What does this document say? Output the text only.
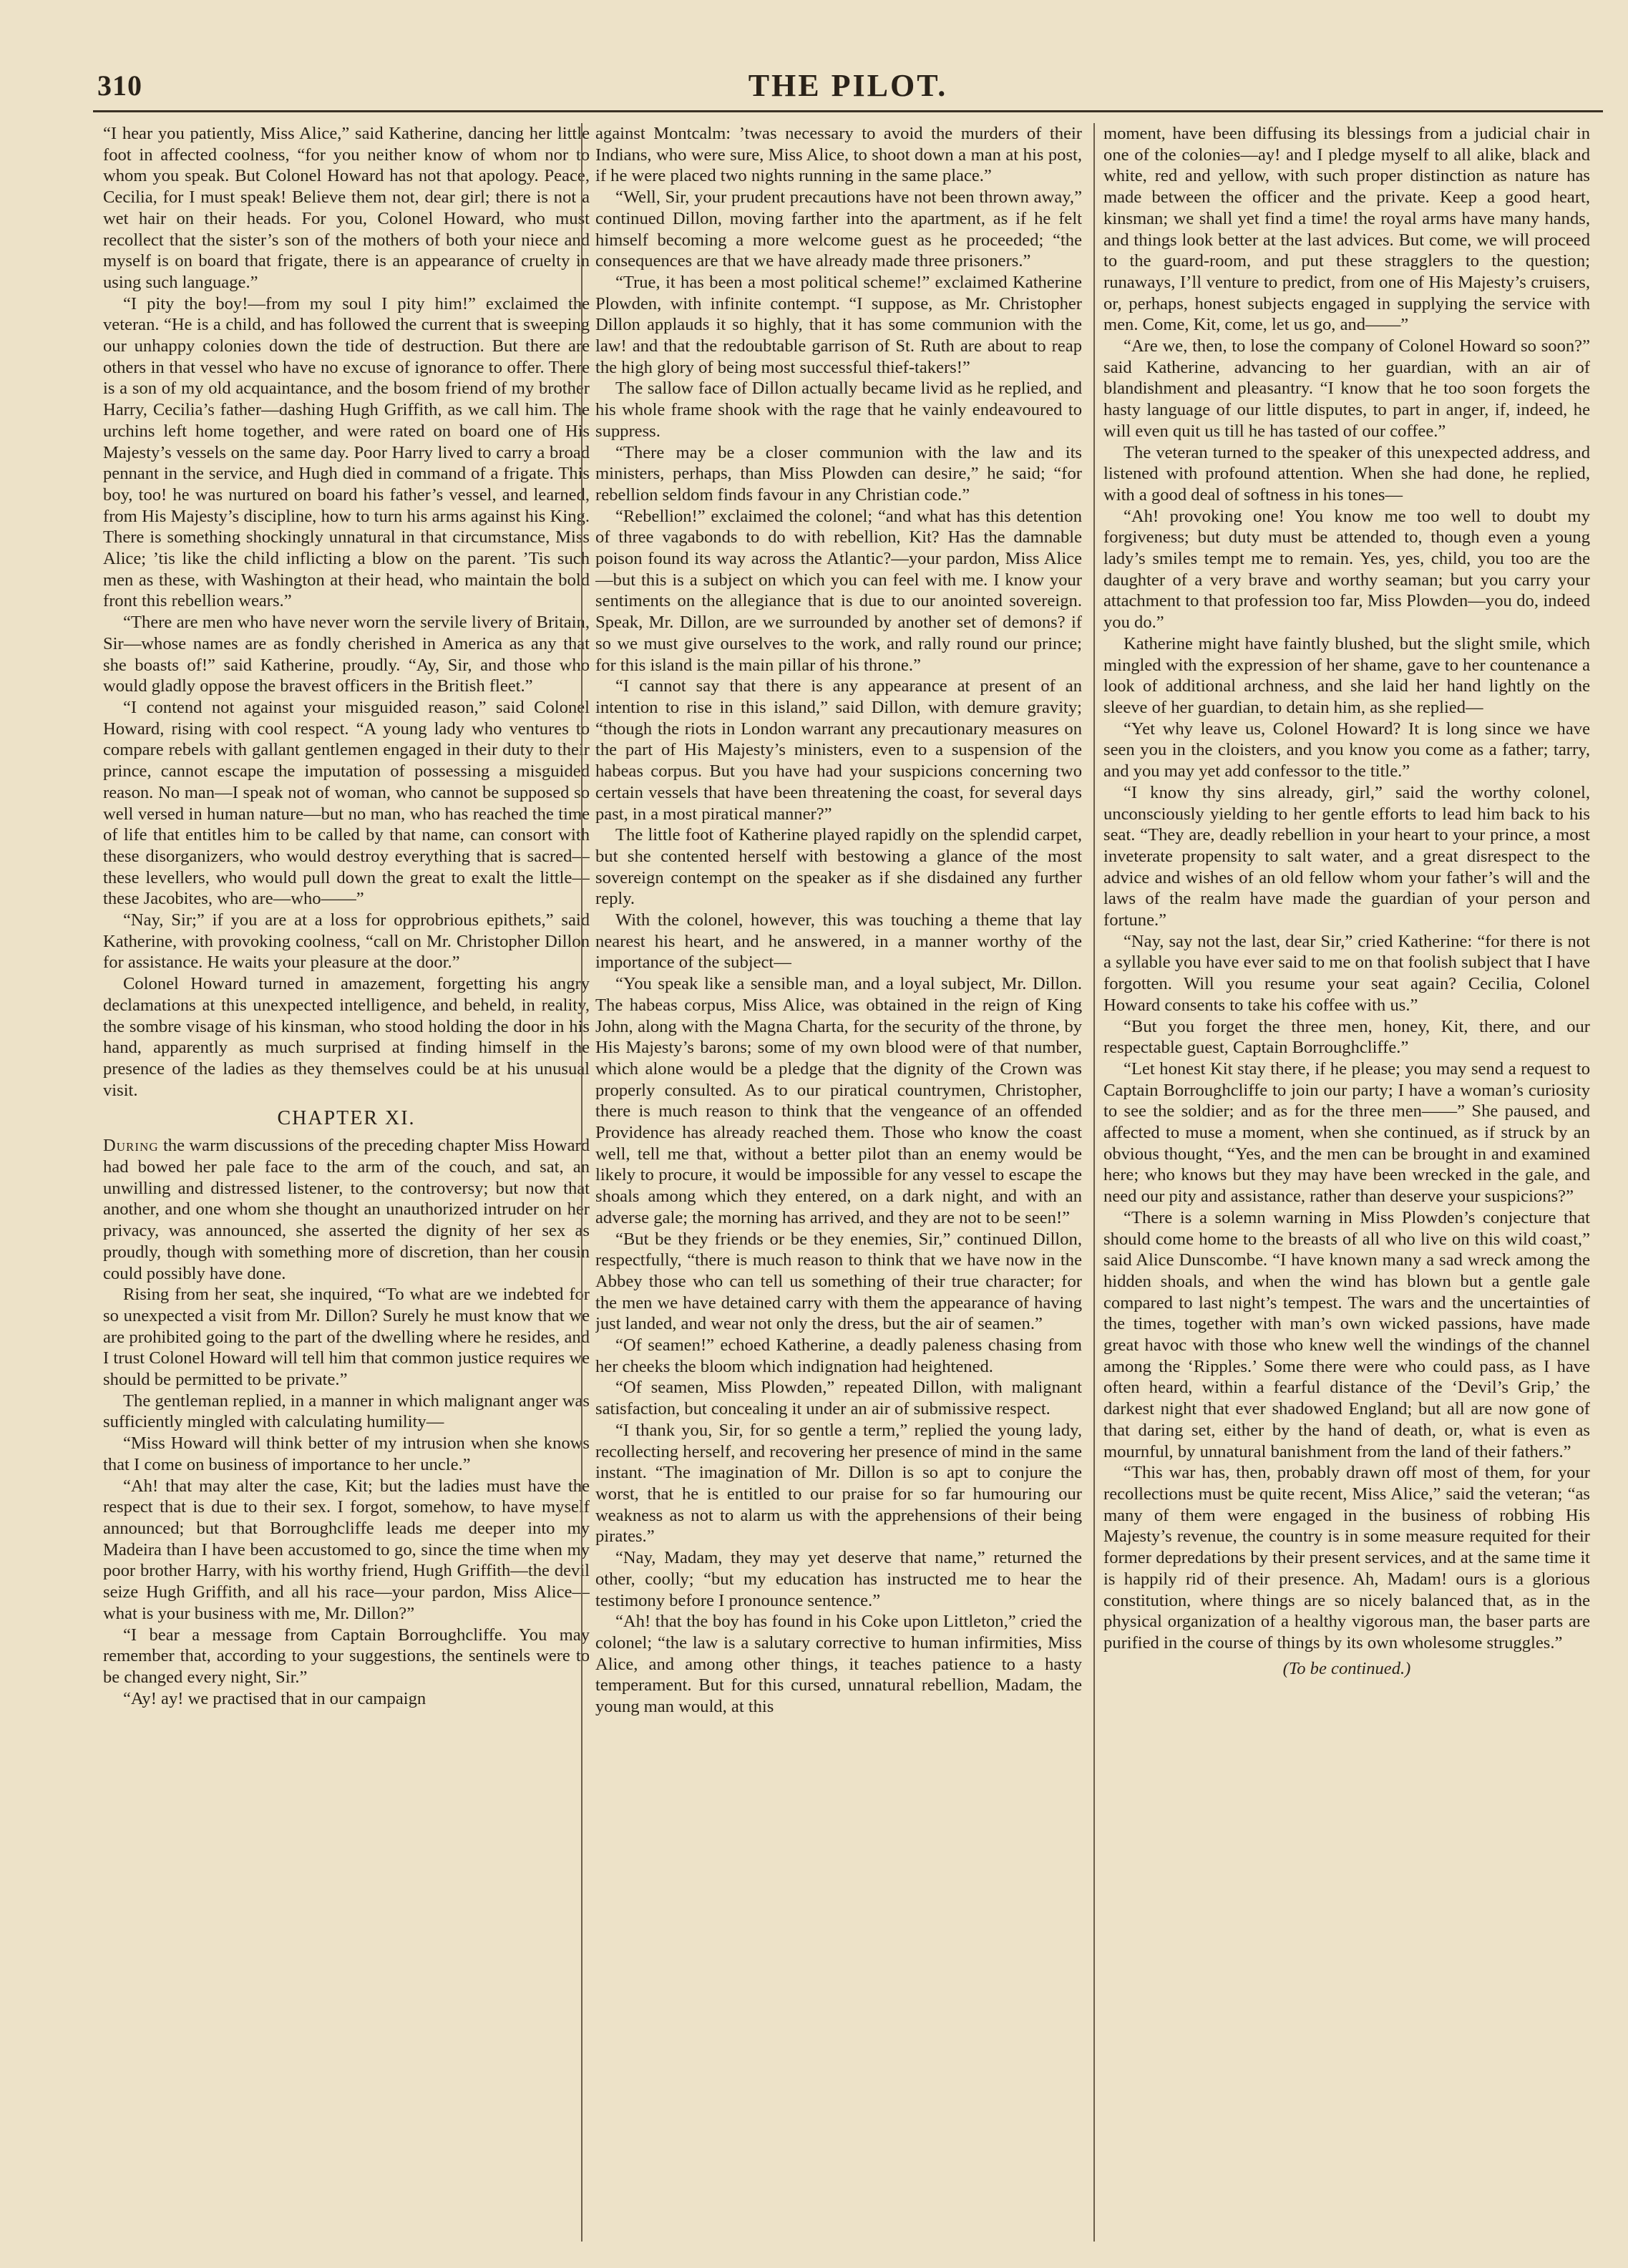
310	THE PILOT.

“I hear you patiently, Miss Alice,” said Katherine, dancing her little foot in affected coolness, “for you neither know of whom nor to whom you speak. But Colonel Howard has not that apology. Peace, Cecilia, for I must speak! Believe them not, dear girl; there is not a wet hair on their heads. For you, Colonel Howard, who must recollect that the sister’s son of the mothers of both your niece and myself is on board that frigate, there is an appearance of cruelty in using such language.”

“I pity the boy!—from my soul I pity him!” exclaimed the veteran. “He is a child, and has followed the current that is sweeping our unhappy colonies down the tide of destruction. But there are others in that vessel who have no excuse of ignorance to offer. There is a son of my old acquaintance, and the bosom friend of my brother Harry, Cecilia’s father—dashing Hugh Griffith, as we call him. The urchins left home together, and were rated on board one of His Majesty’s vessels on the same day. Poor Harry lived to carry a broad pennant in the service, and Hugh died in command of a frigate. This boy, too! he was nurtured on board his father’s vessel, and learned, from His Majesty’s discipline, how to turn his arms against his King. There is something shockingly unnatural in that circumstance, Miss Alice; ’tis like the child inflicting a blow on the parent. ’Tis such men as these, with Washington at their head, who maintain the bold front this rebellion wears.”

“There are men who have never worn the servile livery of Britain, Sir—whose names are as fondly cherished in America as any that she boasts of!” said Katherine, proudly. “Ay, Sir, and those who would gladly oppose the bravest officers in the British fleet.”

“I contend not against your misguided reason,” said Colonel Howard, rising with cool respect. “A young lady who ventures to compare rebels with gallant gentlemen engaged in their duty to their prince, cannot escape the imputation of possessing a misguided reason. No man—I speak not of woman, who cannot be supposed so well versed in human nature—but no man, who has reached the time of life that entitles him to be called by that name, can consort with these disorganizers, who would destroy everything that is sacred—these levellers, who would pull down the great to exalt the little—these Jacobites, who are—who——”

“Nay, Sir;” if you are at a loss for opprobrious epithets,” said Katherine, with provoking coolness, “call on Mr. Christopher Dillon for assistance. He waits your pleasure at the door.”

Colonel Howard turned in amazement, forgetting his angry declamations at this unexpected intelligence, and beheld, in reality, the sombre visage of his kinsman, who stood holding the door in his hand, apparently as much surprised at finding himself in the presence of the ladies as they themselves could be at his unusual visit.

CHAPTER XI.

During the warm discussions of the preceding chapter Miss Howard had bowed her pale face to the arm of the couch, and sat, an unwilling and distressed listener, to the controversy; but now that another, and one whom she thought an unauthorized intruder on her privacy, was announced, she asserted the dignity of her sex as proudly, though with something more of discretion, than her cousin could possibly have done.

Rising from her seat, she inquired, “To what are we indebted for so unexpected a visit from Mr. Dillon? Surely he must know that we are prohibited going to the part of the dwelling where he resides, and I trust Colonel Howard will tell him that common justice requires we should be permitted to be private.”

The gentleman replied, in a manner in which malignant anger was sufficiently mingled with calculating humility—

“Miss Howard will think better of my intrusion when she knows that I come on business of importance to her uncle.”

“Ah! that may alter the case, Kit; but the ladies must have the respect that is due to their sex. I forgot, somehow, to have myself announced; but that Borroughcliffe leads me deeper into my Madeira than I have been accustomed to go, since the time when my poor brother Harry, with his worthy friend, Hugh Griffith—the devil seize Hugh Griffith, and all his race—your pardon, Miss Alice—what is your business with me, Mr. Dillon?”

“I bear a message from Captain Borroughcliffe. You may remember that, according to your suggestions, the sentinels were to be changed every night, Sir.”

“Ay! ay! we practised that in our campaign

against Montcalm: ’twas necessary to avoid the murders of their Indians, who were sure, Miss Alice, to shoot down a man at his post, if he were placed two nights running in the same place.”

“Well, Sir, your prudent precautions have not been thrown away,” continued Dillon, moving farther into the apartment, as if he felt himself becoming a more welcome guest as he proceeded; “the consequences are that we have already made three prisoners.”

“True, it has been a most political scheme!” exclaimed Katherine Plowden, with infinite contempt. “I suppose, as Mr. Christopher Dillon applauds it so highly, that it has some communion with the law! and that the redoubtable garrison of St. Ruth are about to reap the high glory of being most successful thief-takers!”

The sallow face of Dillon actually became livid as he replied, and his whole frame shook with the rage that he vainly endeavoured to suppress.

“There may be a closer communion with the law and its ministers, perhaps, than Miss Plowden can desire,” he said; “for rebellion seldom finds favour in any Christian code.”

“Rebellion!” exclaimed the colonel; “and what has this detention of three vagabonds to do with rebellion, Kit? Has the damnable poison found its way across the Atlantic?—your pardon, Miss Alice—but this is a subject on which you can feel with me. I know your sentiments on the allegiance that is due to our anointed sovereign. Speak, Mr. Dillon, are we surrounded by another set of demons? if so we must give ourselves to the work, and rally round our prince; for this island is the main pillar of his throne.”

“I cannot say that there is any appearance at present of an intention to rise in this island,” said Dillon, with demure gravity; “though the riots in London warrant any precautionary measures on the part of His Majesty’s ministers, even to a suspension of the habeas corpus. But you have had your suspicions concerning two certain vessels that have been threatening the coast, for several days past, in a most piratical manner?”

The little foot of Katherine played rapidly on the splendid carpet, but she contented herself with bestowing a glance of the most sovereign contempt on the speaker as if she disdained any further reply.

With the colonel, however, this was touching a theme that lay nearest his heart, and he answered, in a manner worthy of the importance of the subject—

“You speak like a sensible man, and a loyal subject, Mr. Dillon. The habeas corpus, Miss Alice, was obtained in the reign of King John, along with the Magna Charta, for the security of the throne, by His Majesty’s barons; some of my own blood were of that number, which alone would be a pledge that the dignity of the Crown was properly consulted. As to our piratical countrymen, Christopher, there is much reason to think that the vengeance of an offended Providence has already reached them. Those who know the coast well, tell me that, without a better pilot than an enemy would be likely to procure, it would be impossible for any vessel to escape the shoals among which they entered, on a dark night, and with an adverse gale; the morning has arrived, and they are not to be seen!”

“But be they friends or be they enemies, Sir,” continued Dillon, respectfully, “there is much reason to think that we have now in the Abbey those who can tell us something of their true character; for the men we have detained carry with them the appearance of having just landed, and wear not only the dress, but the air of seamen.”

“Of seamen!” echoed Katherine, a deadly paleness chasing from her cheeks the bloom which indignation had heightened.

“Of seamen, Miss Plowden,” repeated Dillon, with malignant satisfaction, but concealing it under an air of submissive respect.

“I thank you, Sir, for so gentle a term,” replied the young lady, recollecting herself, and recovering her presence of mind in the same instant. “The imagination of Mr. Dillon is so apt to conjure the worst, that he is entitled to our praise for so far humouring our weakness as not to alarm us with the apprehensions of their being pirates.”

“Nay, Madam, they may yet deserve that name,” returned the other, coolly; “but my education has instructed me to hear the testimony before I pronounce sentence.”

“Ah! that the boy has found in his Coke upon Littleton,” cried the colonel; “the law is a salutary corrective to human infirmities, Miss Alice, and among other things, it teaches patience to a hasty temperament. But for this cursed, unnatural rebellion, Madam, the young man would, at this

moment, have been diffusing its blessings from a judicial chair in one of the colonies—ay! and I pledge myself to all alike, black and white, red and yellow, with such proper distinction as nature has made between the officer and the private. Keep a good heart, kinsman; we shall yet find a time! the royal arms have many hands, and things look better at the last advices. But come, we will proceed to the guard-room, and put these stragglers to the question; runaways, I’ll venture to predict, from one of His Majesty’s cruisers, or, perhaps, honest subjects engaged in supplying the service with men. Come, Kit, come, let us go, and——”

“Are we, then, to lose the company of Colonel Howard so soon?” said Katherine, advancing to her guardian, with an air of blandishment and pleasantry. “I know that he too soon forgets the hasty language of our little disputes, to part in anger, if, indeed, he will even quit us till he has tasted of our coffee.”

The veteran turned to the speaker of this unexpected address, and listened with profound attention. When she had done, he replied, with a good deal of softness in his tones—

“Ah! provoking one! You know me too well to doubt my forgiveness; but duty must be attended to, though even a young lady’s smiles tempt me to remain. Yes, yes, child, you too are the daughter of a very brave and worthy seaman; but you carry your attachment to that profession too far, Miss Plowden—you do, indeed you do.”

Katherine might have faintly blushed, but the slight smile, which mingled with the expression of her shame, gave to her countenance a look of additional archness, and she laid her hand lightly on the sleeve of her guardian, to detain him, as she replied—

“Yet why leave us, Colonel Howard? It is long since we have seen you in the cloisters, and you know you come as a father; tarry, and you may yet add confessor to the title.”

“I know thy sins already, girl,” said the worthy colonel, unconsciously yielding to her gentle efforts to lead him back to his seat. “They are, deadly rebellion in your heart to your prince, a most inveterate propensity to salt water, and a great disrespect to the advice and wishes of an old fellow whom your father’s will and the laws of the realm have made the guardian of your person and fortune.”

“Nay, say not the last, dear Sir,” cried Katherine: “for there is not a syllable you have ever said to me on that foolish subject that I have forgotten. Will you resume your seat again? Cecilia, Colonel Howard consents to take his coffee with us.”

“But you forget the three men, honey, Kit, there, and our respectable guest, Captain Borroughcliffe.”

“Let honest Kit stay there, if he please; you may send a request to Captain Borroughcliffe to join our party; I have a woman’s curiosity to see the soldier; and as for the three men——” She paused, and affected to muse a moment, when she continued, as if struck by an obvious thought, “Yes, and the men can be brought in and examined here; who knows but they may have been wrecked in the gale, and need our pity and assistance, rather than deserve your suspicions?”

“There is a solemn warning in Miss Plowden’s conjecture that should come home to the breasts of all who live on this wild coast,” said Alice Dunscombe. “I have known many a sad wreck among the hidden shoals, and when the wind has blown but a gentle gale compared to last night’s tempest. The wars and the uncertainties of the times, together with man’s own wicked passions, have made great havoc with those who knew well the windings of the channel among the ‘Ripples.’ Some there were who could pass, as I have often heard, within a fearful distance of the ‘Devil’s Grip,’ the darkest night that ever shadowed England; but all are now gone of that daring set, either by the hand of death, or, what is even as mournful, by unnatural banishment from the land of their fathers.”

“This war has, then, probably drawn off most of them, for your recollections must be quite recent, Miss Alice,” said the veteran; “as many of them were engaged in the business of robbing His Majesty’s revenue, the country is in some measure requited for their former depredations by their present services, and at the same time it is happily rid of their presence. Ah, Madam! ours is a glorious constitution, where things are so nicely balanced that, as in the physical organization of a healthy vigorous man, the baser parts are purified in the course of things by its own wholesome struggles.”

(To be continued.)
